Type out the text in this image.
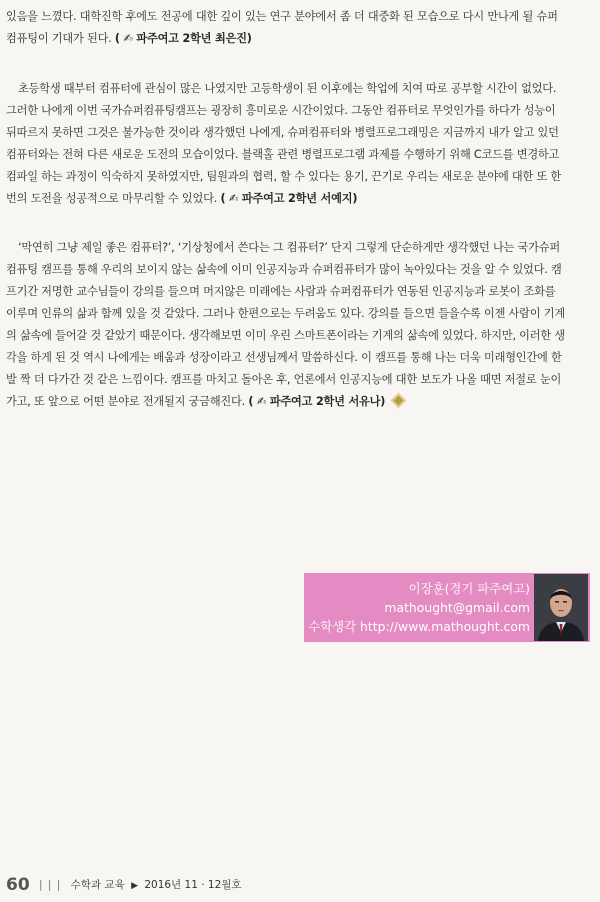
있음을 느꼈다. 대학진학 후에도 전공에 대한 깊이 있는 연구 분야에서 좀 더 대중화 된 모습으로 다시 만나게 될 슈퍼
컴퓨팅이 기대가 된다. ( ✍ 파주여고 2학년 최은진)

초등학생 때부터 컴퓨터에 관심이 많은 나였지만 고등학생이 된 이후에는 학업에 치여 따로 공부할 시간이 없었다.
그러한 나에게 이번 국가슈퍼컴퓨팅캠프는 굉장히 흥미로운 시간이었다. 그동안 컴퓨터로 무엇인가를 하다가 성능이
뒤따르지 못하면 그것은 불가능한 것이라 생각했던 나에게, 슈퍼컴퓨터와 병렬프로그래밍은 지금까지 내가 알고 있던
컴퓨터와는 전혀 다른 새로운 도전의 모습이었다. 블랙홀 관련 병렬프로그램 과제를 수행하기 위해 C코드를 변경하고
컴파일 하는 과정이 익숙하지 못하였지만, 팀원과의 협력, 할 수 있다는 용기, 끈기로 우리는 새로운 분야에 대한 또 한
번의 도전을 성공적으로 마무리할 수 있었다. ( ✍ 파주여고 2학년 서예지)

‘막연히 그냥 제일 좋은 컴퓨터?’, ‘기상청에서 쓴다는 그 컴퓨터?’ 단지 그렇게 단순하게만 생각했던 나는 국가슈퍼
컴퓨팅 캠프를 통해 우리의 보이지 않는 삶속에 이미 인공지능과 슈퍼컴퓨터가 많이 녹아있다는 것을 알 수 있었다. 캠
프기간 저명한 교수님들이 강의를 들으며 머지않은 미래에는 사람과 슈퍼컴퓨터가 연동된 인공지능과 로봇이 조화를
이루며 인류의 삶과 함께 있을 것 같았다. 그러나 한편으로는 두려움도 있다. 강의를 들으면 들을수록 이젠 사람이 기계
의 삶속에 들어갈 것 같았기 때문이다. 생각해보면 이미 우린 스마트폰이라는 기계의 삶속에 있었다. 하지만, 이러한 생
각을 하게 된 것 역시 나에게는 배움과 성장이라고 선생님께서 말씀하신다. 이 캠프를 통해 나는 더욱 미래형인간에 한
발 짝 더 다가간 것 같은 느낌이다. 캠프를 마치고 돌아온 후, 언론에서 인공지능에 대한 보도가 나올 때면 저절로 눈이
가고, 또 앞으로 어떤 분야로 전개될지 궁금해진다. ( ✍ 파주여고 2학년 서유나)

이장훈(경기 파주여고)
mathought@gmail.com
수학생각 http://www.mathought.com
60 | | | 수학과 교육 ▶ 2016년 11 · 12월호
